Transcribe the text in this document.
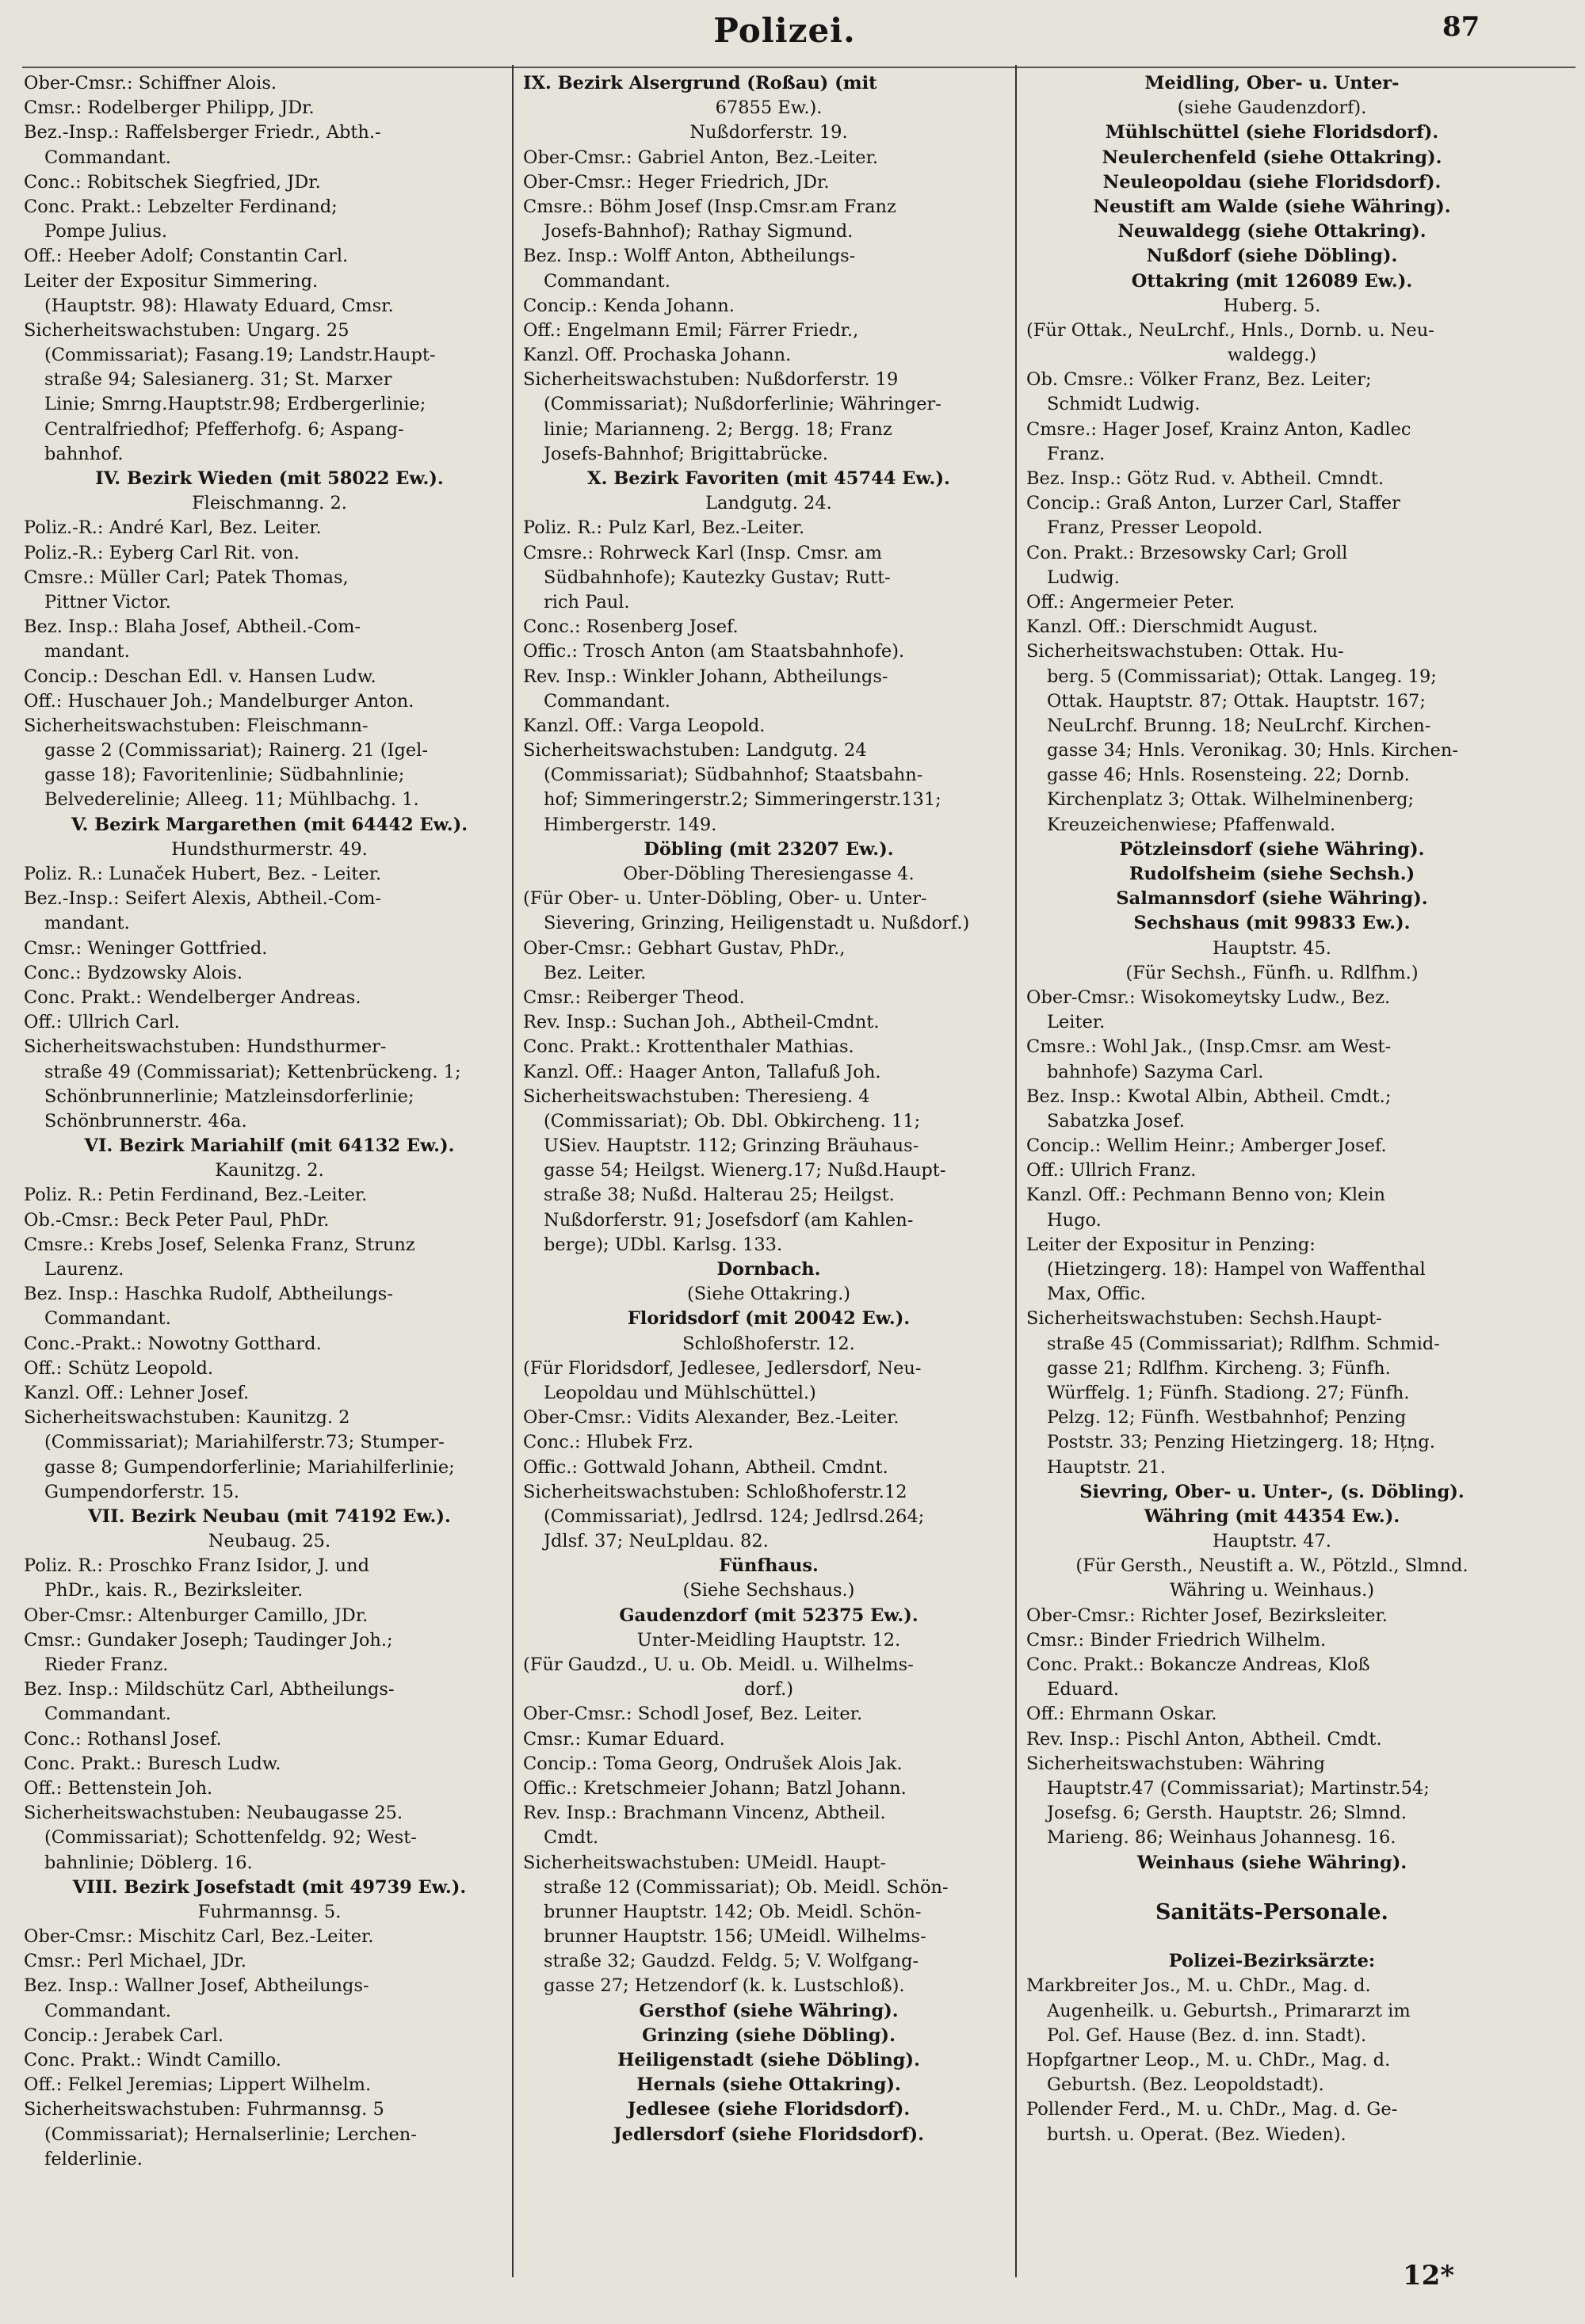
Polizei.	87
Ober-Cmsr.: Schiffner Alois.
Cmsr.: Rodelberger Philipp, JDr.
Bez.-Insp.: Raffelsberger Friedr., Abth.-
Commandant.
Conc.: Robitschek Siegfried, JDr.
Conc. Prakt.: Lebzelter Ferdinand;
Pompe Julius.
Off.: Heeber Adolf; Constantin Carl.
Leiter der Expositur Simmering.
(Hauptstr. 98): Hlawaty Eduard, Cmsr.
Sicherheitswachstuben: Ungarg. 25
(Commissariat); Fasang.19; Landstr.Haupt-
straße 94; Salesianerg. 31; St. Marxer
Linie; Smrng.Hauptstr.98; Erdbergerlinie;
Centralfriedhof; Pfefferhofg. 6; Aspang-
bahnhof.
IV. Bezirk Wieden (mit 58022 Ew.).
Fleischmanng. 2.
Poliz.-R.: André Karl, Bez. Leiter.
Poliz.-R.: Eyberg Carl Rit. von.
Cmsre.: Müller Carl; Patek Thomas,
Pittner Victor.
Bez. Insp.: Blaha Josef, Abtheil.-Com-
mandant.
Concip.: Deschan Edl. v. Hansen Ludw.
Off.: Huschauer Joh.; Mandelburger Anton.
Sicherheitswachstuben: Fleischmann-
gasse 2 (Commissariat); Rainerg. 21 (Igel-
gasse 18); Favoritenlinie; Südbahnlinie;
Belvederelinie; Alleeg. 11; Mühlbachg. 1.
V. Bezirk Margarethen (mit 64442 Ew.).
Hundsthurmerstr. 49.
Poliz. R.: Lunaček Hubert, Bez. - Leiter.
Bez.-Insp.: Seifert Alexis, Abtheil.-Com-
mandant.
Cmsr.: Weninger Gottfried.
Conc.: Bydzowsky Alois.
Conc. Prakt.: Wendelberger Andreas.
Off.: Ullrich Carl.
Sicherheitswachstuben: Hundsthurmer-
straße 49 (Commissariat); Kettenbrückeng. 1;
Schönbrunnerlinie; Matzleinsdorferlinie;
Schönbrunnerstr. 46a.
VI. Bezirk Mariahilf (mit 64132 Ew.).
Kaunitzg. 2.
Poliz. R.: Petin Ferdinand, Bez.-Leiter.
Ob.-Cmsr.: Beck Peter Paul, PhDr.
Cmsre.: Krebs Josef, Selenka Franz, Strunz
Laurenz.
Bez. Insp.: Haschka Rudolf, Abtheilungs-
Commandant.
Conc.-Prakt.: Nowotny Gotthard.
Off.: Schütz Leopold.
Kanzl. Off.: Lehner Josef.
Sicherheitswachstuben: Kaunitzg. 2
(Commissariat); Mariahilferstr.73; Stumper-
gasse 8; Gumpendorferlinie; Mariahilferlinie;
Gumpendorferstr. 15.
VII. Bezirk Neubau (mit 74192 Ew.).
Neubaug. 25.
Poliz. R.: Proschko Franz Isidor, J. und
PhDr., kais. R., Bezirksleiter.
Ober-Cmsr.: Altenburger Camillo, JDr.
Cmsr.: Gundaker Joseph; Taudinger Joh.;
Rieder Franz.
Bez. Insp.: Mildschütz Carl, Abtheilungs-
Commandant.
Conc.: Rothansl Josef.
Conc. Prakt.: Buresch Ludw.
Off.: Bettenstein Joh.
Sicherheitswachstuben: Neubaugasse 25.
(Commissariat); Schottenfeldg. 92; West-
bahnlinie; Döblerg. 16.
VIII. Bezirk Josefstadt (mit 49739 Ew.).
Fuhrmannsg. 5.
Ober-Cmsr.: Mischitz Carl, Bez.-Leiter.
Cmsr.: Perl Michael, JDr.
Bez. Insp.: Wallner Josef, Abtheilungs-
Commandant.
Concip.: Jerabek Carl.
Conc. Prakt.: Windt Camillo.
Off.: Felkel Jeremias; Lippert Wilhelm.
Sicherheitswachstuben: Fuhrmannsg. 5
(Commissariat); Hernalserlinie; Lerchen-
felderlinie.
IX. Bezirk Alsergrund (Roßau) (mit
67855 Ew.).
Nußdorferstr. 19.
Ober-Cmsr.: Gabriel Anton, Bez.-Leiter.
Ober-Cmsr.: Heger Friedrich, JDr.
Cmsre.: Böhm Josef (Insp.Cmsr.am Franz
Josefs-Bahnhof); Rathay Sigmund.
Bez. Insp.: Wolff Anton, Abtheilungs-
Commandant.
Concip.: Kenda Johann.
Off.: Engelmann Emil; Färrer Friedr.,
Kanzl. Off. Prochaska Johann.
Sicherheitswachstuben: Nußdorferstr. 19
(Commissariat); Nußdorferlinie; Währinger-
linie; Marianneng. 2; Bergg. 18; Franz
Josefs-Bahnhof; Brigittabrücke.
X. Bezirk Favoriten (mit 45744 Ew.).
Landgutg. 24.
Poliz. R.: Pulz Karl, Bez.-Leiter.
Cmsre.: Rohrweck Karl (Insp. Cmsr. am
Südbahnhofe); Kautezky Gustav; Rutt-
rich Paul.
Conc.: Rosenberg Josef.
Offic.: Trosch Anton (am Staatsbahnhofe).
Rev. Insp.: Winkler Johann, Abtheilungs-
Commandant.
Kanzl. Off.: Varga Leopold.
Sicherheitswachstuben: Landgutg. 24
(Commissariat); Südbahnhof; Staatsbahn-
hof; Simmeringerstr.2; Simmeringerstr.131;
Himbergerstr. 149.
Döbling (mit 23207 Ew.).
Ober-Döbling Theresiengasse 4.
(Für Ober- u. Unter-Döbling, Ober- u. Unter-
Sievering, Grinzing, Heiligenstadt u. Nußdorf.)
Ober-Cmsr.: Gebhart Gustav, PhDr.,
Bez. Leiter.
Cmsr.: Reiberger Theod.
Rev. Insp.: Suchan Joh., Abtheil-Cmdnt.
Conc. Prakt.: Krottenthaler Mathias.
Kanzl. Off.: Haager Anton, Tallafuß Joh.
Sicherheitswachstuben: Theresieng. 4
(Commissariat); Ob. Dbl. Obkircheng. 11;
USiev. Hauptstr. 112; Grinzing Bräuhaus-
gasse 54; Heilgst. Wienerg.17; Nußd.Haupt-
straße 38; Nußd. Halterau 25; Heilgst.
Nußdorferstr. 91; Josefsdorf (am Kahlen-
berge); UDbl. Karlsg. 133.
Dornbach.
(Siehe Ottakring.)
Floridsdorf (mit 20042 Ew.).
Schloßhoferstr. 12.
(Für Floridsdorf, Jedlesee, Jedlersdorf, Neu-
Leopoldau und Mühlschüttel.)
Ober-Cmsr.: Vidits Alexander, Bez.-Leiter.
Conc.: Hlubek Frz.
Offic.: Gottwald Johann, Abtheil. Cmdnt.
Sicherheitswachstuben: Schloßhoferstr.12
(Commissariat), Jedlrsd. 124; Jedlrsd.264;
Jdlsf. 37; NeuLpldau. 82.
Fünfhaus.
(Siehe Sechshaus.)
Gaudenzdorf (mit 52375 Ew.).
Unter-Meidling Hauptstr. 12.
(Für Gaudzd., U. u. Ob. Meidl. u. Wilhelms-
dorf.)
Ober-Cmsr.: Schodl Josef, Bez. Leiter.
Cmsr.: Kumar Eduard.
Concip.: Toma Georg, Ondrušek Alois Jak.
Offic.: Kretschmeier Johann; Batzl Johann.
Rev. Insp.: Brachmann Vincenz, Abtheil.
Cmdt.
Sicherheitswachstuben: UMeidl. Haupt-
straße 12 (Commissariat); Ob. Meidl. Schön-
brunner Hauptstr. 142; Ob. Meidl. Schön-
brunner Hauptstr. 156; UMeidl. Wilhelms-
straße 32; Gaudzd. Feldg. 5; V. Wolfgang-
gasse 27; Hetzendorf (k. k. Lustschloß).
Gersthof (siehe Währing).
Grinzing (siehe Döbling).
Heiligenstadt (siehe Döbling).
Hernals (siehe Ottakring).
Jedlesee (siehe Floridsdorf).
Jedlersdorf (siehe Floridsdorf).
Meidling, Ober- u. Unter-
(siehe Gaudenzdorf).
Mühlschüttel (siehe Floridsdorf).
Neulerchenfeld (siehe Ottakring).
Neuleopoldau (siehe Floridsdorf).
Neustift am Walde (siehe Währing).
Neuwaldegg (siehe Ottakring).
Nußdorf (siehe Döbling).
Ottakring (mit 126089 Ew.).
Huberg. 5.
(Für Ottak., NeuLrchf., Hnls., Dornb. u. Neu-
waldegg.)
Ob. Cmsre.: Völker Franz, Bez. Leiter;
Schmidt Ludwig.
Cmsre.: Hager Josef, Krainz Anton, Kadlec
Franz.
Bez. Insp.: Götz Rud. v. Abtheil. Cmndt.
Concip.: Graß Anton, Lurzer Carl, Staffer
Franz, Presser Leopold.
Con. Prakt.: Brzesowsky Carl; Groll
Ludwig.
Off.: Angermeier Peter.
Kanzl. Off.: Dierschmidt August.
Sicherheitswachstuben: Ottak. Hu-
berg. 5 (Commissariat); Ottak. Langeg. 19;
Ottak. Hauptstr. 87; Ottak. Hauptstr. 167;
NeuLrchf. Brunng. 18; NeuLrchf. Kirchen-
gasse 34; Hnls. Veronikag. 30; Hnls. Kirchen-
gasse 46; Hnls. Rosensteing. 22; Dornb.
Kirchenplatz 3; Ottak. Wilhelminenberg;
Kreuzeichenwiese; Pfaffenwald.
Pötzleinsdorf (siehe Währing).
Rudolfsheim (siehe Sechsh.)
Salmannsdorf (siehe Währing).
Sechshaus (mit 99833 Ew.).
Hauptstr. 45.
(Für Sechsh., Fünfh. u. Rdlfhm.)
Ober-Cmsr.: Wisokomeytsky Ludw., Bez.
Leiter.
Cmsre.: Wohl Jak., (Insp.Cmsr. am West-
bahnhofe) Sazyma Carl.
Bez. Insp.: Kwotal Albin, Abtheil. Cmdt.;
Sabatzka Josef.
Concip.: Wellim Heinr.; Amberger Josef.
Off.: Ullrich Franz.
Kanzl. Off.: Pechmann Benno von; Klein
Hugo.
Leiter der Expositur in Penzing:
(Hietzingerg. 18): Hampel von Waffenthal
Max, Offic.
Sicherheitswachstuben: Sechsh.Haupt-
straße 45 (Commissariat); Rdlfhm. Schmid-
gasse 21; Rdlfhm. Kircheng. 3; Fünfh.
Würffelg. 1; Fünfh. Stadiong. 27; Fünfh.
Pelzg. 12; Fünfh. Westbahnhof; Penzing
Poststr. 33; Penzing Hietzingerg. 18; Hțng.
Hauptstr. 21.
Sievring, Ober- u. Unter-, (s. Döbling).
Währing (mit 44354 Ew.).
Hauptstr. 47.
(Für Gersth., Neustift a. W., Pötzld., Slmnd.
Währing u. Weinhaus.)
Ober-Cmsr.: Richter Josef, Bezirksleiter.
Cmsr.: Binder Friedrich Wilhelm.
Conc. Prakt.: Bokancze Andreas, Kloß
Eduard.
Off.: Ehrmann Oskar.
Rev. Insp.: Pischl Anton, Abtheil. Cmdt.
Sicherheitswachstuben: Währing
Hauptstr.47 (Commissariat); Martinstr.54;
Josefsg. 6; Gersth. Hauptstr. 26; Slmnd.
Marieng. 86; Weinhaus Johannesg. 16.
Weinhaus (siehe Währing).
Sanitäts-Personale.
Polizei-Bezirksärzte:
Markbreiter Jos., M. u. ChDr., Mag. d.
Augenheilk. u. Geburtsh., Primararzt im
Pol. Gef. Hause (Bez. d. inn. Stadt).
Hopfgartner Leop., M. u. ChDr., Mag. d.
Geburtsh. (Bez. Leopoldstadt).
Pollender Ferd., M. u. ChDr., Mag. d. Ge-
burtsh. u. Operat. (Bez. Wieden).
12*
